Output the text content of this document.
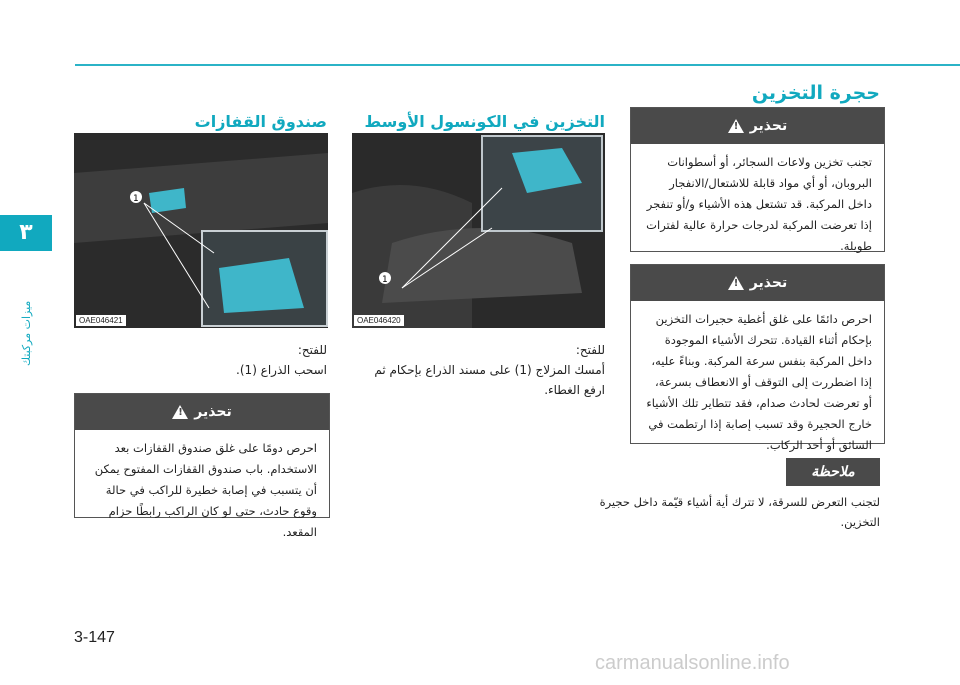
٣
ميزات مركبتك
حجرة التخزين
تحذير
!
تجنب تخزين ولاعات السجائر، أو أسطوانات البروبان، أو أي مواد قابلة للاشتعال/الانفجار داخل المركبة. قد تشتعل هذه الأشياء و/أو تنفجر إذا تعرضت المركبة لدرجات حرارة عالية لفترات طويلة.
تحذير
!
احرص دائمًا على غلق أغطية حجيرات التخزين بإحكام أثناء القيادة. تتحرك الأشياء الموجودة داخل المركبة بنفس سرعة المركبة. وبناءً عليه، إذا اضطررت إلى التوقف أو الانعطاف بسرعة، أو تعرضت لحادث صدام، فقد تتطاير تلك الأشياء خارج الحجيرة وقد تسبب إصابة إذا ارتطمت في السائق أو أحد الركاب.
ملاحظة
لتجنب التعرض للسرقة، لا تترك أية أشياء قيّمة داخل حجيرة التخزين.
التخزين في الكونسول الأوسط
1
OAE046420
للفتح:
أمسك المزلاج (1) على مسند الذراع بإحكام ثم ارفع الغطاء.
صندوق القفازات
1
OAE046421
للفتح:
اسحب الذراع (1).
تحذير
!
احرص دومًا على غلق صندوق القفازات بعد الاستخدام. باب صندوق القفازات المفتوح يمكن أن يتسبب في إصابة خطيرة للراكب في حالة وقوع حادث، حتى لو كان الراكب رابطًا حزام المقعد.
3-147
carmanualsonline.info
